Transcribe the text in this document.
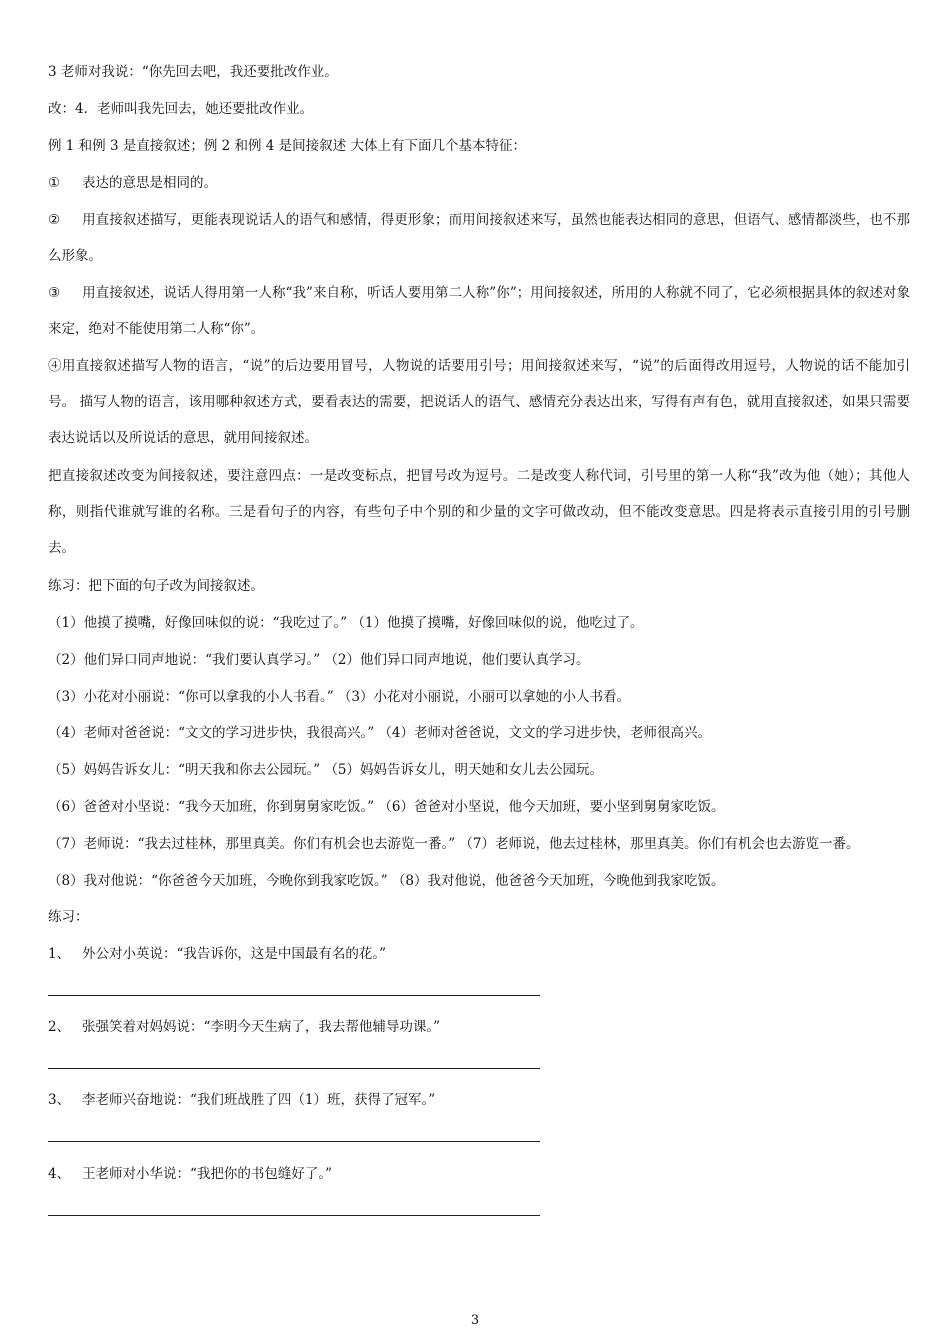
3 老师对我说：“你先回去吧，我还要批改作业。
改：4．老师叫我先回去，她还要批改作业。
例 1 和例 3 是直接叙述；例 2 和例 4 是间接叙述 大体上有下面几个基本特征：
① 表达的意思是相同的。
② 用直接叙述描写，更能表现说话人的语气和感情，得更形象；而用间接叙述来写，虽然也能表达相同的意思，但语气、感情都淡些，也不那么形象。
③ 用直接叙述，说话人得用第一人称“我”来自称，听话人要用第二人称”你”；用间接叙述，所用的人称就不同了，它必须根据具体的叙述对象来定，绝对不能使用第二人称“你”。
④用直接叙述描写人物的语言，“说”的后边要用冒号，人物说的话要用引号；用间接叙述来写，“说”的后面得改用逗号，人物说的话不能加引号。 描写人物的语言，该用哪种叙述方式，要看表达的需要，把说话人的语气、感情充分表达出来，写得有声有色，就用直接叙述，如果只需要表达说话以及所说话的意思，就用间接叙述。
把直接叙述改变为间接叙述，要注意四点：一是改变标点，把冒号改为逗号。二是改变人称代词，引号里的第一人称“我”改为他（她）；其他人称，则指代谁就写谁的名称。三是看句子的内容，有些句子中个别的和少量的文字可做改动，但不能改变意思。四是将表示直接引用的引号删去。
练习：把下面的句子改为间接叙述。
（1）他摸了摸嘴，好像回味似的说：“我吃过了。” （1）他摸了摸嘴，好像回味似的说，他吃过了。
（2）他们异口同声地说：“我们要认真学习。” （2）他们异口同声地说，他们要认真学习。
（3）小花对小丽说：“你可以拿我的小人书看。” （3）小花对小丽说，小丽可以拿她的小人书看。
（4）老师对爸爸说：“文文的学习进步快，我很高兴。” （4）老师对爸爸说，文文的学习进步快，老师很高兴。
（5）妈妈告诉女儿：“明天我和你去公园玩。” （5）妈妈告诉女儿，明天她和女儿去公园玩。
（6）爸爸对小坚说：“我今天加班，你到舅舅家吃饭。” （6）爸爸对小坚说，他今天加班，要小坚到舅舅家吃饭。
（7）老师说：“我去过桂林，那里真美。你们有机会也去游览一番。” （7）老师说，他去过桂林，那里真美。你们有机会也去游览一番。
（8）我对他说：“你爸爸今天加班，今晚你到我家吃饭。” （8）我对他说，他爸爸今天加班，今晚他到我家吃饭。
练习：
1、 外公对小英说：“我告诉你，这是中国最有名的花。”
2、 张强笑着对妈妈说：“李明今天生病了，我去帮他辅导功课。”
3、 李老师兴奋地说：“我们班战胜了四（1）班，获得了冠军。”
4、 王老师对小华说：“我把你的书包缝好了。”
3
